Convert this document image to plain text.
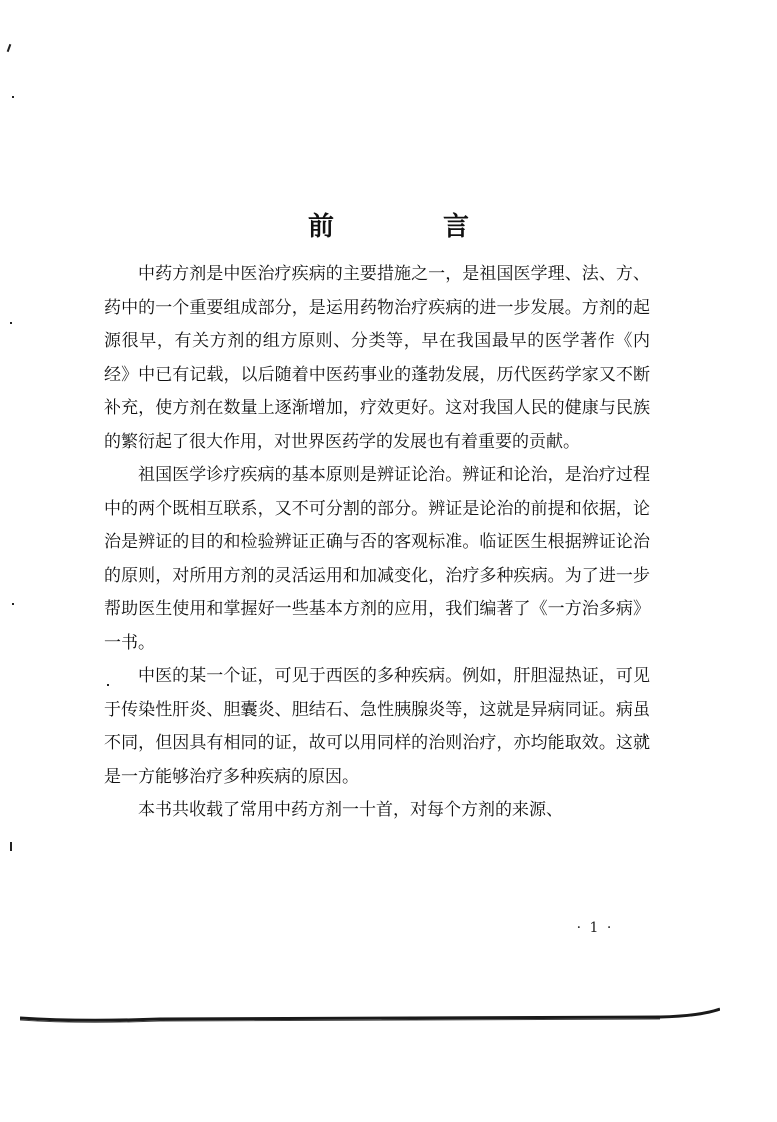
前 言

中药方剂是中医治疗疾病的主要措施之一，是祖国医学理、法、方、药中的一个重要组成部分，是运用药物治疗疾病的进一步发展。方剂的起源很早，有关方剂的组方原则、分类等，早在我国最早的医学著作《内经》中已有记载，以后随着中医药事业的蓬勃发展，历代医药学家又不断补充，使方剂在数量上逐渐增加，疗效更好。这对我国人民的健康与民族的繁衍起了很大作用，对世界医药学的发展也有着重要的贡献。

祖国医学诊疗疾病的基本原则是辨证论治。辨证和论治，是治疗过程中的两个既相互联系，又不可分割的部分。辨证是论治的前提和依据，论治是辨证的目的和检验辨证正确与否的客观标准。临证医生根据辨证论治的原则，对所用方剂的灵活运用和加减变化，治疗多种疾病。为了进一步帮助医生使用和掌握好一些基本方剂的应用，我们编著了《一方治多病》一书。

中医的某一个证，可见于西医的多种疾病。例如，肝胆湿热证，可见于传染性肝炎、胆囊炎、胆结石、急性胰腺炎等，这就是异病同证。病虽不同，但因具有相同的证，故可以用同样的治则治疗，亦均能取效。这就是一方能够治疗多种疾病的原因。

本书共收载了常用中药方剂一十首，对每个方剂的来源、

· 1 ·
